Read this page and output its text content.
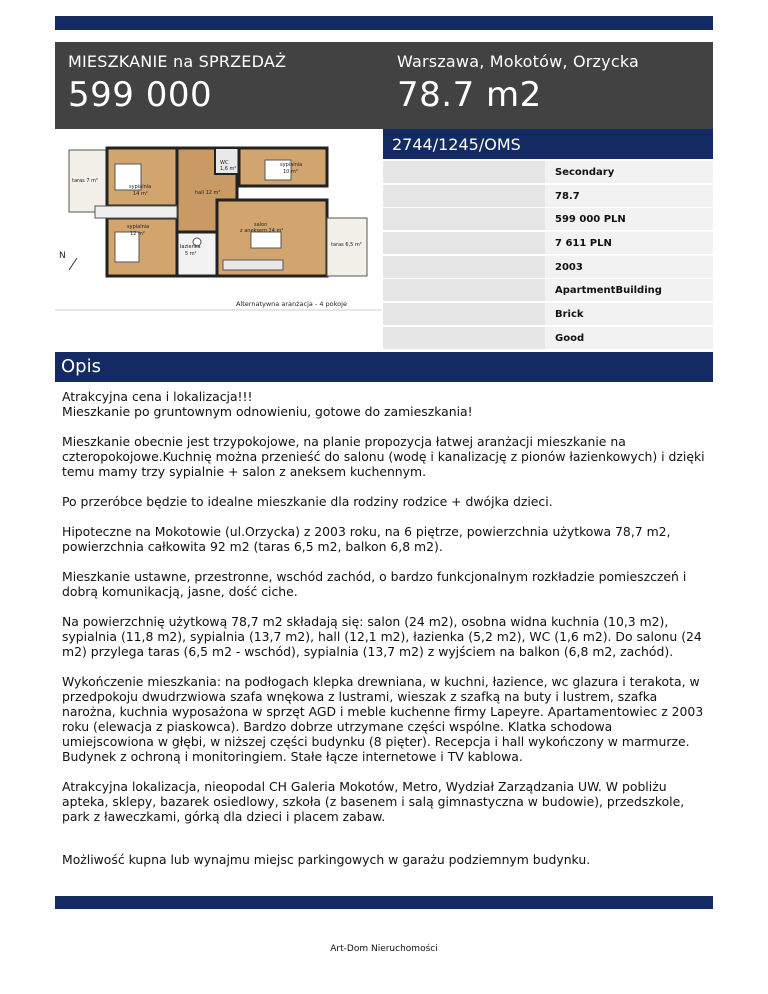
MIESZKANIE na SPRZEDAŻ
599 000
Warszawa, Mokotów, Orzycka
78.7 m2
taras 7 m²
sypialnia
14 m²
WC
1,6 m²
sypialnia
10 m²
hall 12 m²
sypialnia
12 m²
salon
z aneksem 24 m²
łazienka
5 m²
taras 6,5 m²
N
Alternatywna aranżacja - 4 pokoje
2744/1245/OMS
Secondary
78.7
599 000 PLN
7 611 PLN
2003
ApartmentBuilding
Brick
Good
Opis

Atrakcyjna cena i lokalizacja!!!
Mieszkanie po gruntownym odnowieniu, gotowe do zamieszkania!

Mieszkanie obecnie jest trzypokojowe, na planie propozycja łatwej aranżacji mieszkanie na czteropokojowe.Kuchnię można przenieść do salonu (wodę i kanalizację z pionów łazienkowych) i dzięki temu mamy trzy sypialnie + salon z aneksem kuchennym.

Po przeróbce będzie to idealne mieszkanie dla rodziny rodzice + dwójka dzieci.

Hipoteczne na Mokotowie (ul.Orzycka) z 2003 roku, na 6 piętrze, powierzchnia użytkowa 78,7 m2, powierzchnia całkowita 92 m2 (taras 6,5 m2, balkon 6,8 m2).

Mieszkanie ustawne, przestronne, wschód zachód, o bardzo funkcjonalnym rozkładzie pomieszczeń i dobrą komunikacją, jasne, dość ciche.

Na powierzchnię użytkową 78,7 m2 składają się: salon (24 m2), osobna widna kuchnia (10,3 m2), sypialnia (11,8 m2), sypialnia (13,7 m2), hall (12,1 m2), łazienka (5,2 m2), WC (1,6 m2). Do salonu (24 m2) przylega taras (6,5 m2 - wschód), sypialnia (13,7 m2) z wyjściem na balkon (6,8 m2, zachód).

Wykończenie mieszkania: na podłogach klepka drewniana, w kuchni, łazience, wc glazura i terakota, w przedpokoju dwudrzwiowa szafa wnękowa z lustrami, wieszak z szafką na buty i lustrem, szafka narożna, kuchnia wyposażona w sprzęt AGD i meble kuchenne firmy Lapeyre. Apartamentowiec z 2003 roku (elewacja z piaskowca). Bardzo dobrze utrzymane części wspólne. Klatka schodowa umiejscowiona w głębi, w niższej części budynku (8 pięter). Recepcja i hall wykończony w marmurze. Budynek z ochroną i monitoringiem. Stałe łącze internetowe i TV kablowa.

Atrakcyjna lokalizacja, nieopodal CH Galeria Mokotów, Metro, Wydział Zarządzania UW. W pobliżu apteka, sklepy, bazarek osiedlowy, szkoła (z basenem i salą gimnastyczna w budowie), przedszkole, park z ławeczkami, górką dla dzieci i placem zabaw.

Możliwość kupna lub wynajmu miejsc parkingowych w garażu podziemnym budynku.

Art-Dom Nieruchomości
